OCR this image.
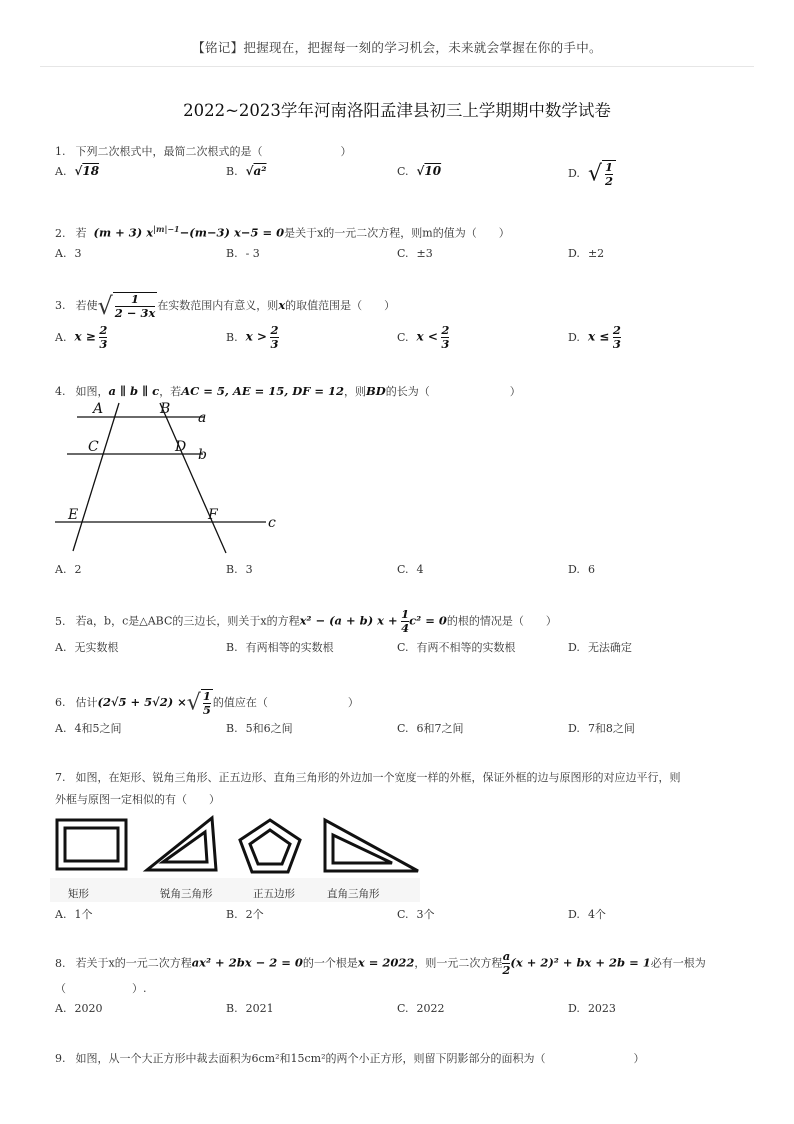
【铭记】把握现在，把握每一刻的学习机会，未来就会掌握在你的手中。
2022~2023学年河南洛阳孟津县初三上学期期中数学试卷
1. 下列二次根式中，最简二次根式的是（	）
A. √18	B. √a²	C. √10	D. √ $\frac{1}{2}$
2. 若 (m + 3) $x^{|m|-1}-(m-3) x-5 = 0$是关于x的一元二次方程，则m的值为（　　）
A. 3	B. - 3	C. ±3	D. ±2
3. 若使√ $\frac{1}{2 - 3x}$ 在实数范围内有意义，则x的取值范围是（　　）
A. $x \ge \frac{2}{3}$	B. $x > \frac{2}{3}$	C. $x < \frac{2}{3}$	D. $x \le \frac{2}{3}$
4. 如图，a ∥ b ∥ c，若AC = 5, AE = 15, DF = 12，则BD的长为（	）
A	B
a
C	D b
E	F	c
A. 2	B. 3	C. 4	D. 6
5. 若a，b，c是△ABC的三边长，则关于x的方程x² − (a + b) $x + \frac{1}{4} c^2 = 0$的根的情况是（　　）
A. 无实数根	B. 有两相等的实数根	C. 有两不相等的实数根	D. 无法确定
6. 估计(2√5 + 5√2) ×√ $\frac{1}{5}$ 的值应在（	）
A. 4和5之间	B. 5和6之间	C. 6和7之间	D. 7和8之间
7. 如图，在矩形、锐角三角形、正五边形、直角三角形的外边加一个宽度一样的外框，保证外框的边与原图形的对应边平行，则
外框与原图一定相似的有（　　）
矩形	锐角三角形	正五边形	直角三角形
A. 1个	B. 2个	C. 3个	D. 4个
8. 若关于x的一元二次方程ax² + 2bx − 2 = 0的一个根是x = 2022，则一元二次方程 $\frac{a}{2} (x + 2)^2$ + bx + 2b = 1必有一根为
（　　　　　　）.
A. 2020	B. 2021	C. 2022	D. 2023
9. 如图，从一个大正方形中裁去面积为6cm²和15cm²的两个小正方形，则留下阴影部分的面积为（	）
